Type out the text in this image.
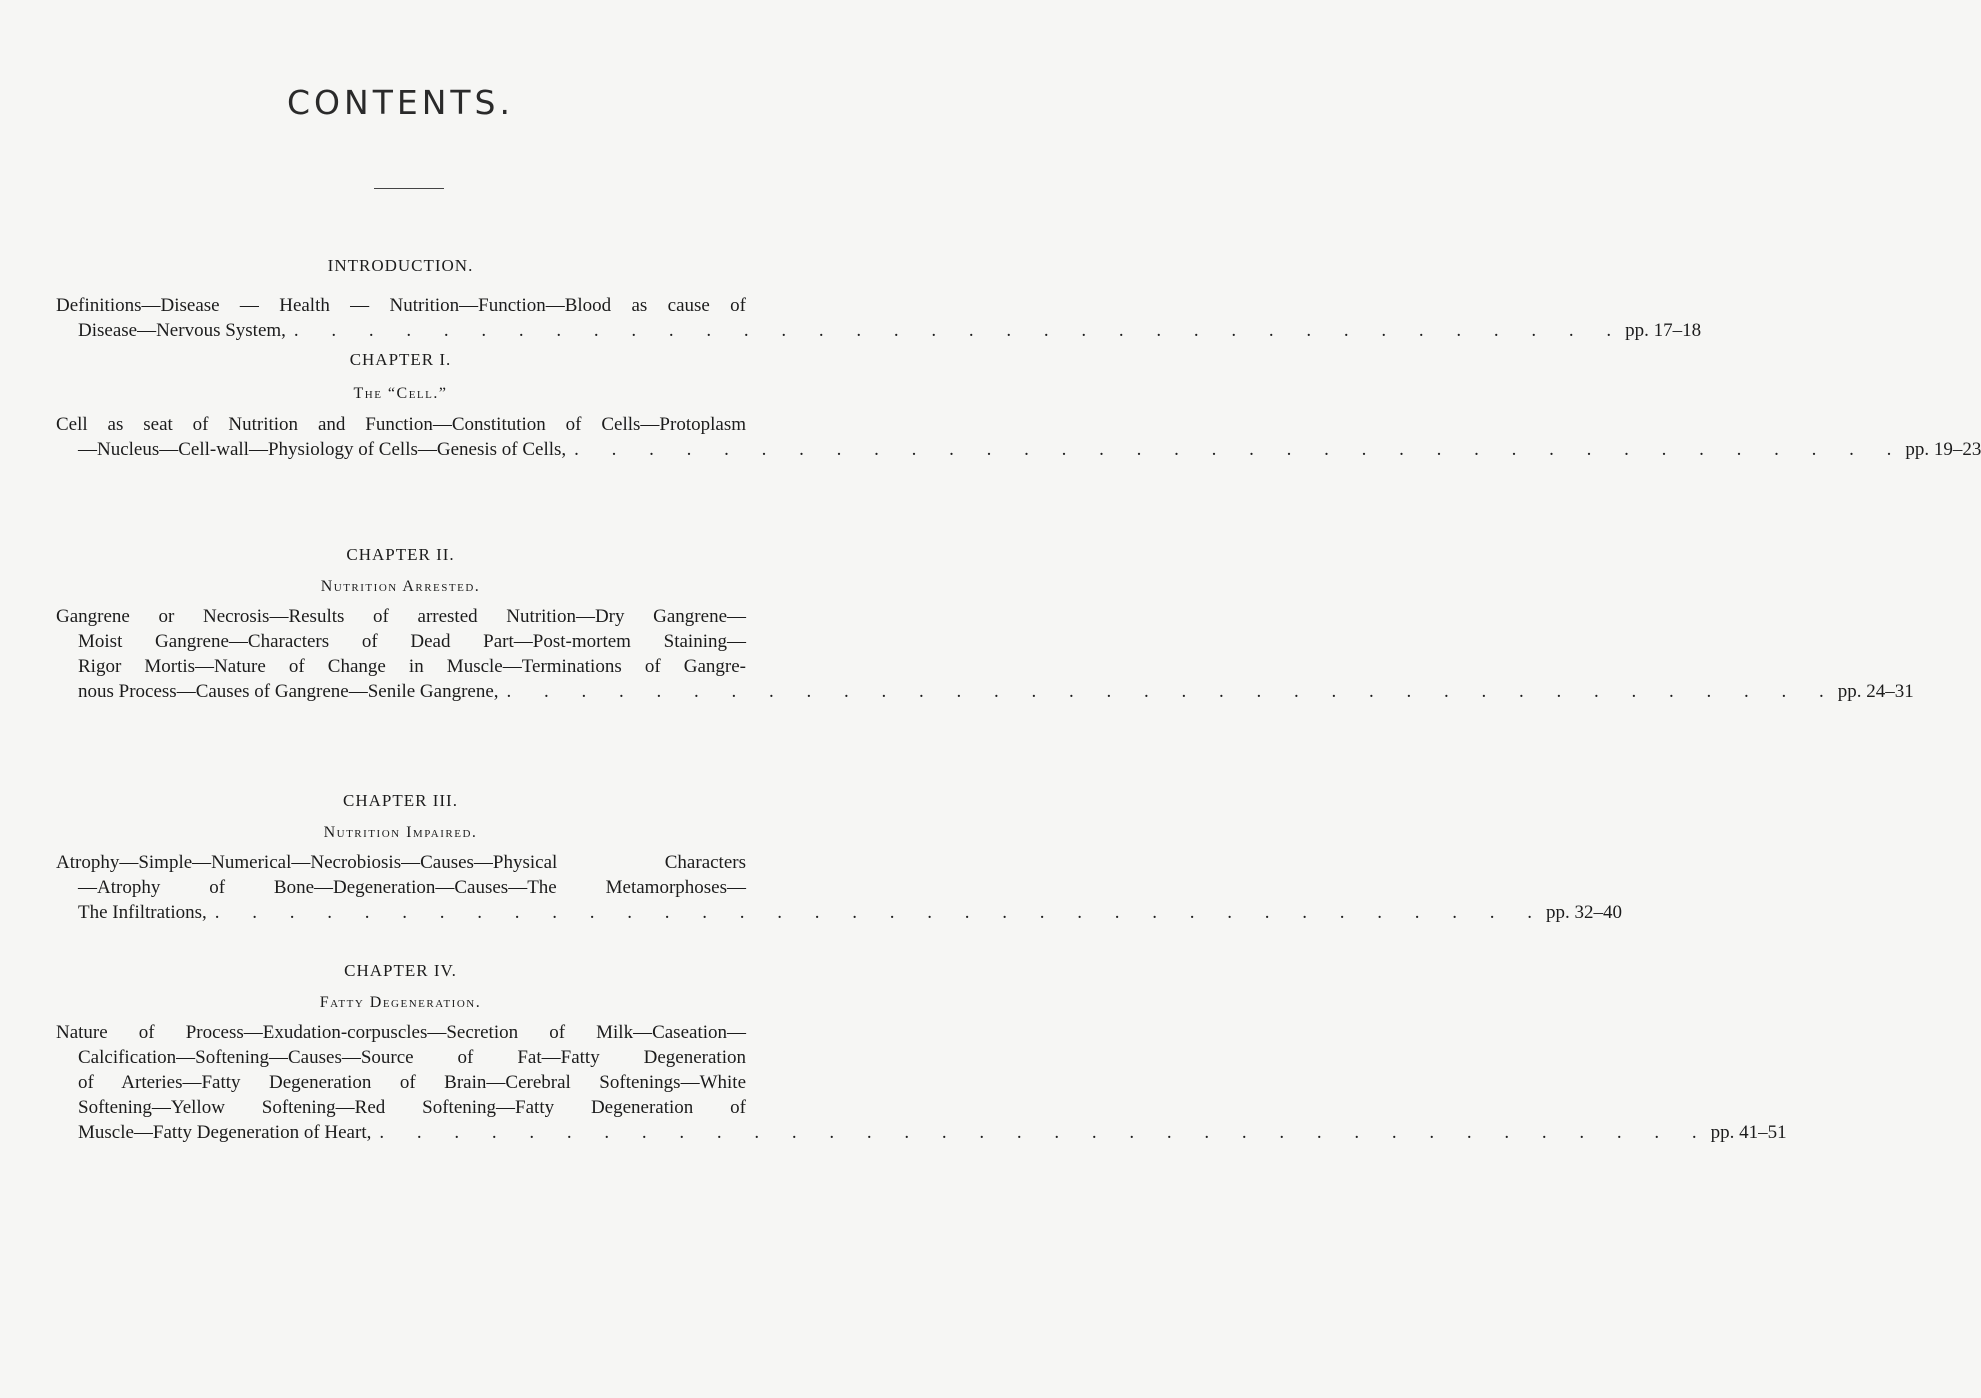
CONTENTS.
INTRODUCTION.
Definitions—Disease — Health — Nutrition—Function—Blood as cause of
Disease—Nervous System, . . . . . . . . . . . . . . . . . . . . . . . . . . . . . . . . . . . . pp. 17–18
CHAPTER I.
The “Cell.”
Cell as seat of Nutrition and Function—Constitution of Cells—Protoplasm
—Nucleus—Cell-wall—Physiology of Cells—Genesis of Cells, . . . . . . . . . . . . . . . . . . . . . . . . . . . . . . . . . . . . pp. 19–23
CHAPTER II.
Nutrition Arrested.
Gangrene or Necrosis—Results of arrested Nutrition—Dry Gangrene—
Moist Gangrene—Characters of Dead Part—Post-mortem Staining—
Rigor Mortis—Nature of Change in Muscle—Terminations of Gangre-
nous Process—Causes of Gangrene—Senile Gangrene, . . . . . . . . . . . . . . . . . . . . . . . . . . . . . . . . . . . . pp. 24–31
CHAPTER III.
Nutrition Impaired.
Atrophy—Simple—Numerical—Necrobiosis—Causes—Physical Characters
—Atrophy of Bone—Degeneration—Causes—The Metamorphoses—
The Infiltrations, . . . . . . . . . . . . . . . . . . . . . . . . . . . . . . . . . . . . pp. 32–40
CHAPTER IV.
Fatty Degeneration.
Nature of Process—Exudation-corpuscles—Secretion of Milk—Caseation—
Calcification—Softening—Causes—Source of Fat—Fatty Degeneration
of Arteries—Fatty Degeneration of Brain—Cerebral Softenings—White
Softening—Yellow Softening—Red Softening—Fatty Degeneration of
Muscle—Fatty Degeneration of Heart, . . . . . . . . . . . . . . . . . . . . . . . . . . . . . . . . . . . . pp. 41–51
